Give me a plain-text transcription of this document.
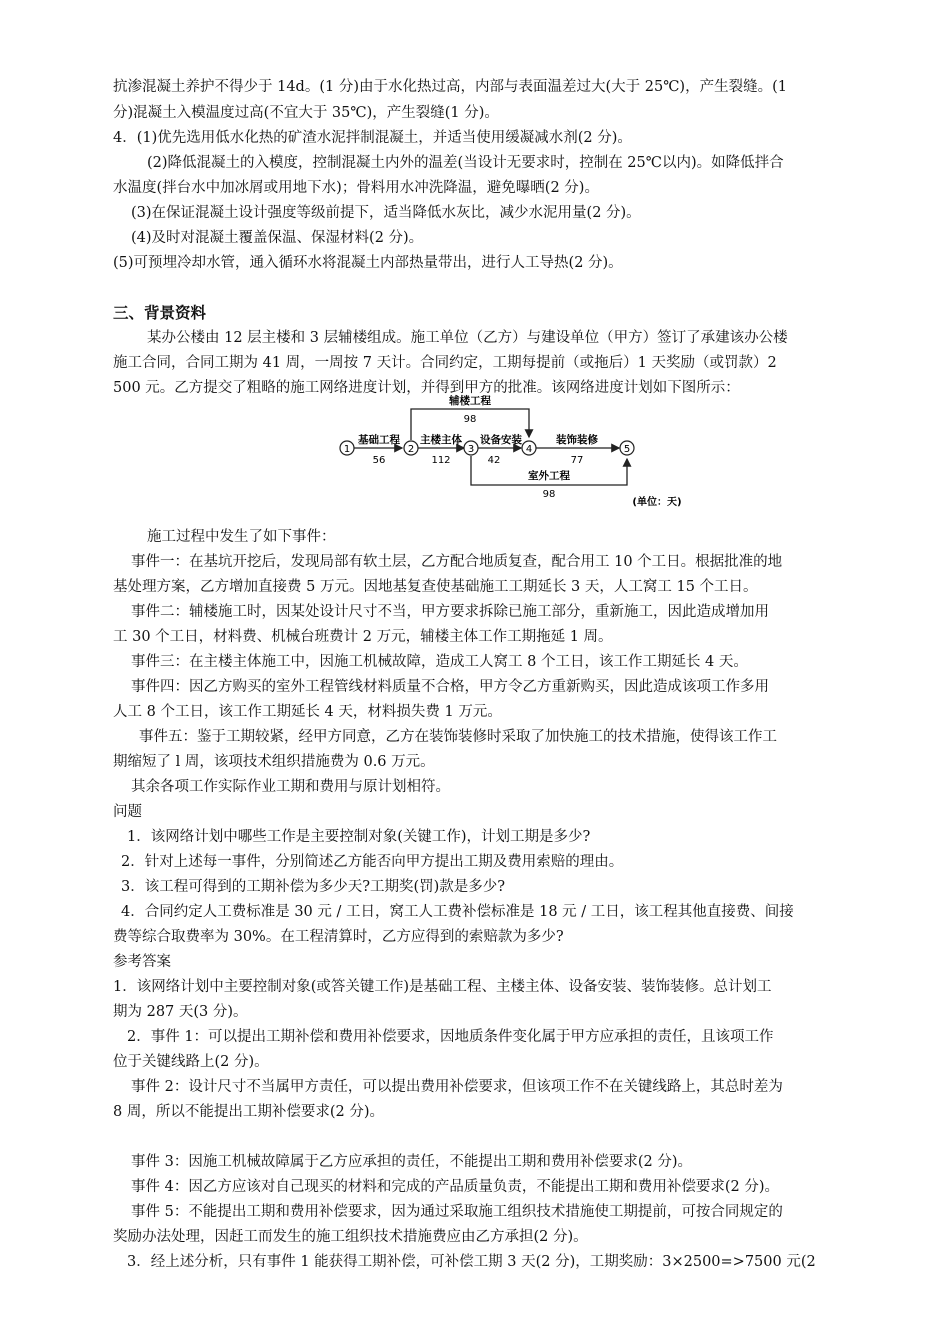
抗渗混凝土养护不得少于 14d。(1 分)由于水化热过高，内部与表面温差过大(大于 25℃)，产生裂缝。(1
分)混凝土入模温度过高(不宜大于 35℃)，产生裂缝(1 分)。
4．(1)优先选用低水化热的矿渣水泥拌制混凝土，并适当使用缓凝减水剂(2 分)。
(2)降低混凝土的入模度，控制混凝土内外的温差(当设计无要求时，控制在 25℃以内)。如降低拌合
水温度(拌台水中加冰屑或用地下水)；骨料用水冲洗降温，避免曝晒(2 分)。
(3)在保证混凝土设计强度等级前提下，适当降低水灰比，减少水泥用量(2 分)。
(4)及时对混凝土覆盖保温、保湿材料(2 分)。
(5)可预埋冷却水管，通入循环水将混凝土内部热量带出，进行人工导热(2 分)。
三、背景资料
某办公楼由 12 层主楼和 3 层辅楼组成。施工单位（乙方）与建设单位（甲方）签订了承建该办公楼
施工合同，合同工期为 41 周，一周按 7 天计。合同约定，工期每提前（或拖后）1 天奖励（或罚款）2
500 元。乙方提交了粗略的施工网络进度计划，并得到甲方的批准。该网络进度计划如下图所示：
1	2	3	4	5
基础工程
56
主楼主体
112
设备安装
42
装饰装修
77
辅楼工程
98
室外工程
98
(单位：天)
施工过程中发生了如下事件：
事件一：在基坑开挖后，发现局部有软土层，乙方配合地质复查，配合用工 10 个工日。根据批准的地
基处理方案，乙方增加直接费 5 万元。因地基复查使基础施工工期延长 3 天，人工窝工 15 个工日。
事件二：辅楼施工时，因某处设计尺寸不当，甲方要求拆除已施工部分，重新施工，因此造成增加用
工 30 个工日，材料费、机械台班费计 2 万元，辅楼主体工作工期拖延 1 周。
事件三：在主楼主体施工中，因施工机械故障，造成工人窝工 8 个工日，该工作工期延长 4 天。
事件四：因乙方购买的室外工程管线材料质量不合格，甲方令乙方重新购买，因此造成该项工作多用
人工 8 个工日，该工作工期延长 4 天，材料损失费 1 万元。
事件五：鉴于工期较紧，经甲方同意，乙方在装饰装修时采取了加快施工的技术措施，使得该工作工
期缩短了 l 周，该项技术组织措施费为 0.6 万元。
其余各项工作实际作业工期和费用与原计划相符。
问题
1．该网络计划中哪些工作是主要控制对象(关键工作)，计划工期是多少?
2．针对上述每一事件，分别简述乙方能否向甲方提出工期及费用索赔的理由。
3．该工程可得到的工期补偿为多少天?工期奖(罚)款是多少?
4．合同约定人工费标准是 30 元 / 工日，窝工人工费补偿标准是 18 元 / 工日，该工程其他直接费、间接
费等综合取费率为 30%。在工程清算时，乙方应得到的索赔款为多少?
参考答案
1．该网络计划中主要控制对象(或答关键工作)是基础工程、主楼主体、设备安装、装饰装修。总计划工
期为 287 天(3 分)。
2．事件 1：可以提出工期补偿和费用补偿要求，因地质条件变化属于甲方应承担的责任，且该项工作
位于关键线路上(2 分)。
事件 2：设计尺寸不当属甲方责任，可以提出费用补偿要求，但该项工作不在关键线路上，其总时差为
8 周，所以不能提出工期补偿要求(2 分)。
事件 3：因施工机械故障属于乙方应承担的责任，不能提出工期和费用补偿要求(2 分)。
事件 4：因乙方应该对自己现买的材料和完成的产品质量负责，不能提出工期和费用补偿要求(2 分)。
事件 5：不能提出工期和费用补偿要求，因为通过采取施工组织技术措施使工期提前，可按合同规定的
奖励办法处理，因赶工而发生的施工组织技术措施费应由乙方承担(2 分)。
3．经上述分析，只有事件 1 能获得工期补偿，可补偿工期 3 天(2 分)，工期奖励：3×2500=>7500 元(2
